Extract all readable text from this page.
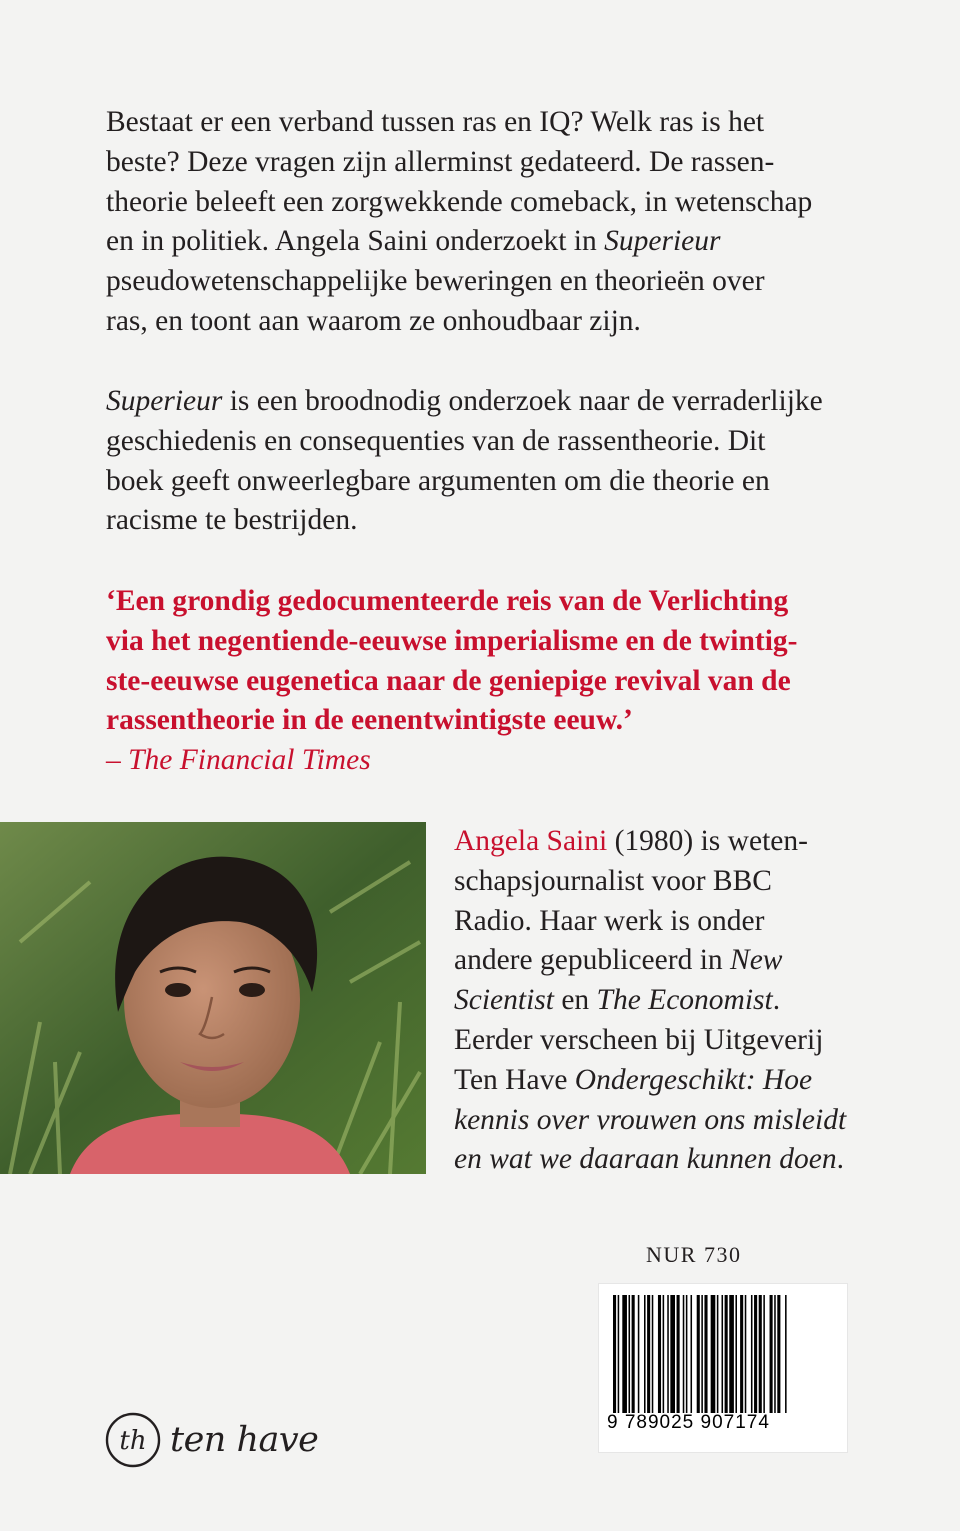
Bestaat er een verband tussen ras en IQ? Welk ras is het
beste? Deze vragen zijn allerminst gedateerd. De rassen-
theorie beleeft een zorgwekkende comeback, in wetenschap
en in politiek. Angela Saini onderzoekt in Superieur
pseudowetenschappelijke beweringen en theorieën over
ras, en toont aan waarom ze onhoudbaar zijn.
Superieur is een broodnodig onderzoek naar de verraderlijke
geschiedenis en consequenties van de rassentheorie. Dit
boek geeft onweerlegbare argumenten om die theorie en
racisme te bestrijden.
‘Een grondig gedocumenteerde reis van de Verlichting
via het negentiende-eeuwse imperialisme en de twintig-
ste-eeuwse eugenetica naar de geniepige revival van de
rassentheorie in de eenentwintigste eeuw.’
– The Financial Times
Angela Saini (1980) is weten-
schapsjournalist voor BBC
Radio. Haar werk is onder
andere gepubliceerd in New
Scientist en The Economist.
Eerder verscheen bij Uitgeverij
Ten Have Ondergeschikt: Hoe
kennis over vrouwen ons misleidt
en wat we daaraan kunnen doen.
NUR 730
9 789025 907174
th ten have
